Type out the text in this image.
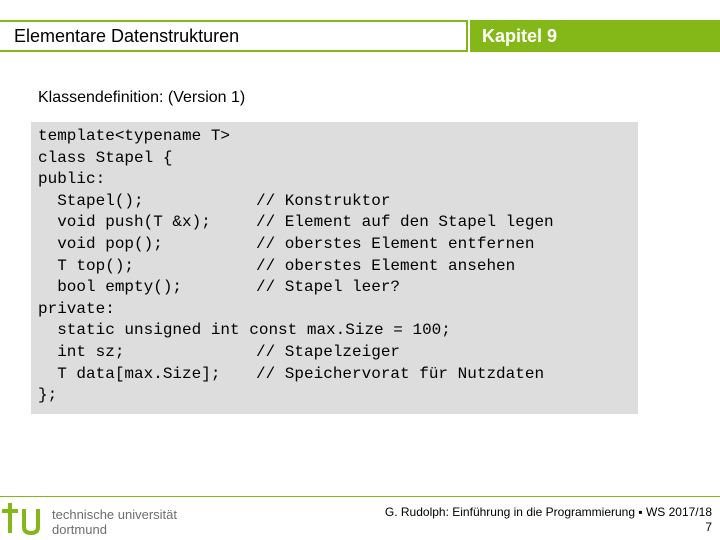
Elementare Datenstrukturen	Kapitel 9
Klassendefinition: (Version 1)
template<typename T>
class Stapel {
public:
Stapel();	// Konstruktor
void push(T &x);	// Element auf den Stapel legen
void pop();	// oberstes Element entfernen
T top();	// oberstes Element ansehen
bool empty();	// Stapel leer?
private:
static unsigned int const max.Size = 100;
int sz;	// Stapelzeiger
T data[max.Size]; // Speichervorat für Nutzdaten
};
technische universität
dortmund
G. Rudolph: Einführung in die Programmierung ▪ WS 2017/18
7
